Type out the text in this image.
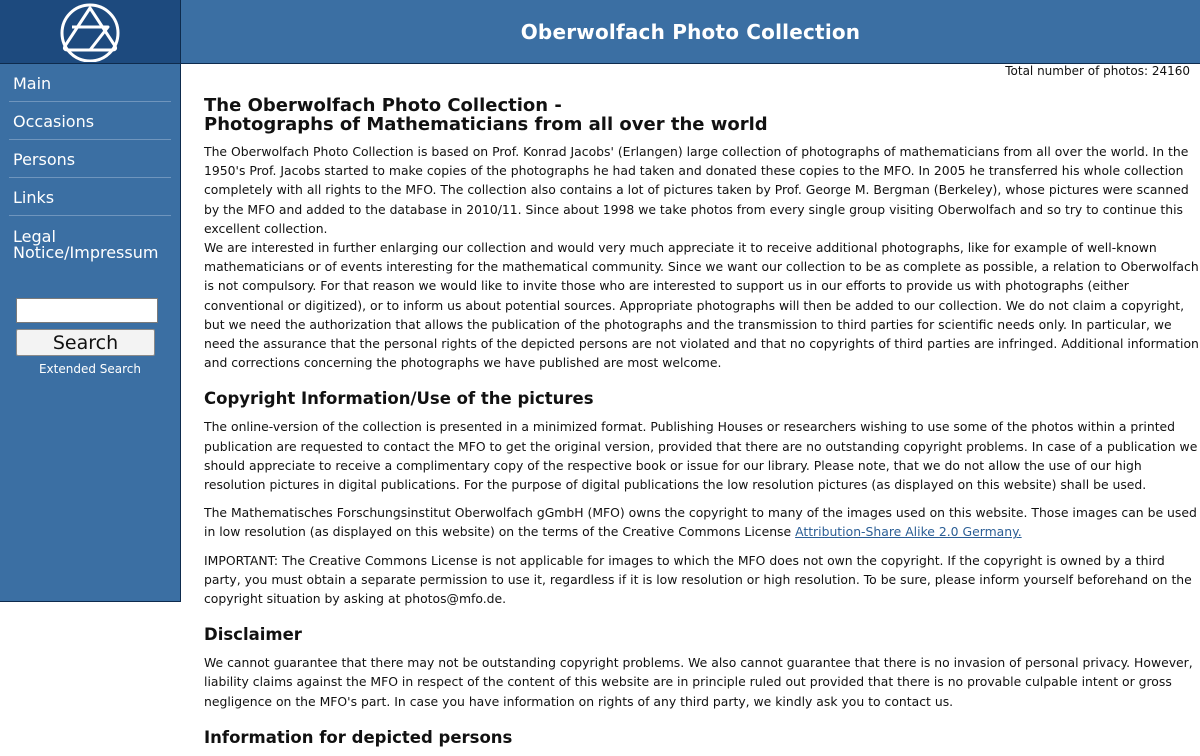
Oberwolfach Photo Collection
Main
Occasions
Persons
Links
Legal Notice/Impressum
Search
Extended Search
Total number of photos: 24160
The Oberwolfach Photo Collection -
Photographs of Mathematicians from all over the world

The Oberwolfach Photo Collection is based on Prof. Konrad Jacobs' (Erlangen) large collection of photographs of mathematicians from all over the world. In the 1950's Prof. Jacobs started to make copies of the photographs he had taken and donated these copies to the MFO. In 2005 he transferred his whole collection completely with all rights to the MFO. The collection also contains a lot of pictures taken by Prof. George M. Bergman (Berkeley), whose pictures were scanned by the MFO and added to the database in 2010/11. Since about 1998 we take photos from every single group visiting Oberwolfach and so try to continue this excellent collection.

We are interested in further enlarging our collection and would very much appreciate it to receive additional photographs, like for example of well-known mathematicians or of events interesting for the mathematical community. Since we want our collection to be as complete as possible, a relation to Oberwolfach is not compulsory. For that reason we would like to invite those who are interested to support us in our efforts to provide us with photographs (either conventional or digitized), or to inform us about potential sources. Appropriate photographs will then be added to our collection. We do not claim a copyright, but we need the authorization that allows the publication of the photographs and the transmission to third parties for scientific needs only. In particular, we need the assurance that the personal rights of the depicted persons are not violated and that no copyrights of third parties are infringed. Additional information and corrections concerning the photographs we have published are most welcome.

Copyright Information/Use of the pictures

The online-version of the collection is presented in a minimized format. Publishing Houses or researchers wishing to use some of the photos within a printed publication are requested to contact the MFO to get the original version, provided that there are no outstanding copyright problems. In case of a publication we should appreciate to receive a complimentary copy of the respective book or issue for our library. Please note, that we do not allow the use of our high resolution pictures in digital publications. For the purpose of digital publications the low resolution pictures (as displayed on this website) shall be used.

The Mathematisches Forschungsinstitut Oberwolfach gGmbH (MFO) owns the copyright to many of the images used on this website. Those images can be used in low resolution (as displayed on this website) on the terms of the Creative Commons License Attribution-Share Alike 2.0 Germany.

IMPORTANT: The Creative Commons License is not applicable for images to which the MFO does not own the copyright. If the copyright is owned by a third party, you must obtain a separate permission to use it, regardless if it is low resolution or high resolution. To be sure, please inform yourself beforehand on the copyright situation by asking at photos@mfo.de.

Disclaimer

We cannot guarantee that there may not be outstanding copyright problems. We also cannot guarantee that there is no invasion of personal privacy. However, liability claims against the MFO in respect of the content of this website are in principle ruled out provided that there is no provable culpable intent or gross negligence on the MFO's part. In case you have information on rights of any third party, we kindly ask you to contact us.

Information for depicted persons
